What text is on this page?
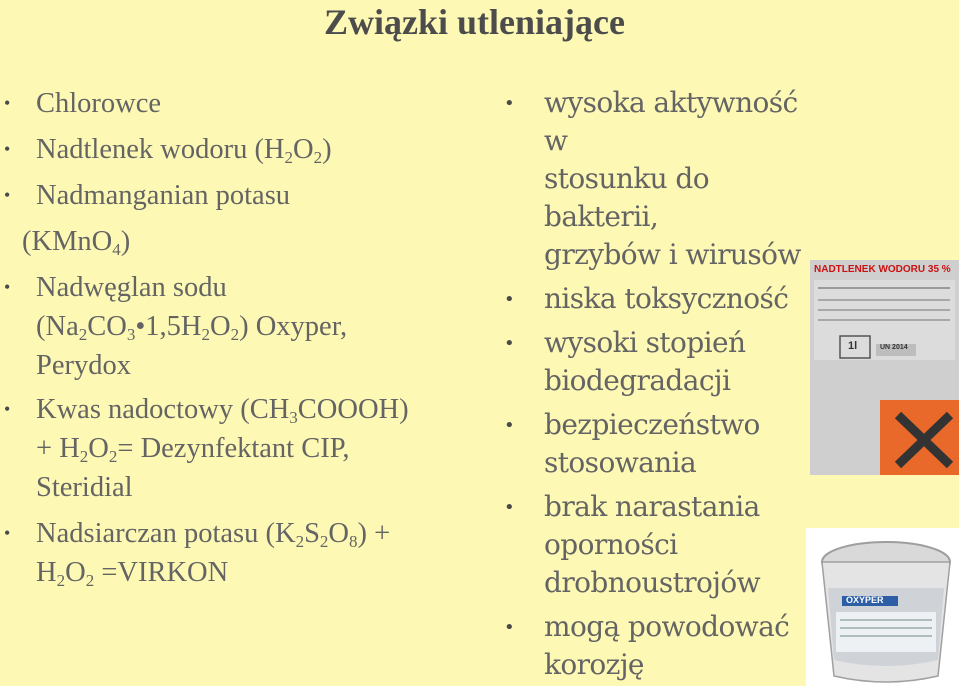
Związki utleniające
• Chlorowce
• Nadtlenek wodoru $(H_2O_2)$
• Nadmanganian potasu
(KMnO$_4$)
• Nadwęglan sodu
$(Na_2CO_3•1,5H_2O_2)$ Oxyper,
Perydox
• Kwas nadoctowy $(CH_3COOOH)$
+ $H_2O_2=$ Dezynfektant CIP,
Steridial
• Nadsiarczan potasu $(K_2S_2O_8)$ +
$H_2O_2$ =VIRKON
•	wysoka aktywność w
stosunku do bakterii,
grzybów i wirusów
•	niska toksyczność
•	wysoki stopień
biodegradacji
•	bezpieczeństwo
stosowania
•	brak narastania
oporności
drobnoustrojów
•	mogą powodować
korozję
NADTLENEK WODORU 35 %
1l	UN 2014
OXYPER
